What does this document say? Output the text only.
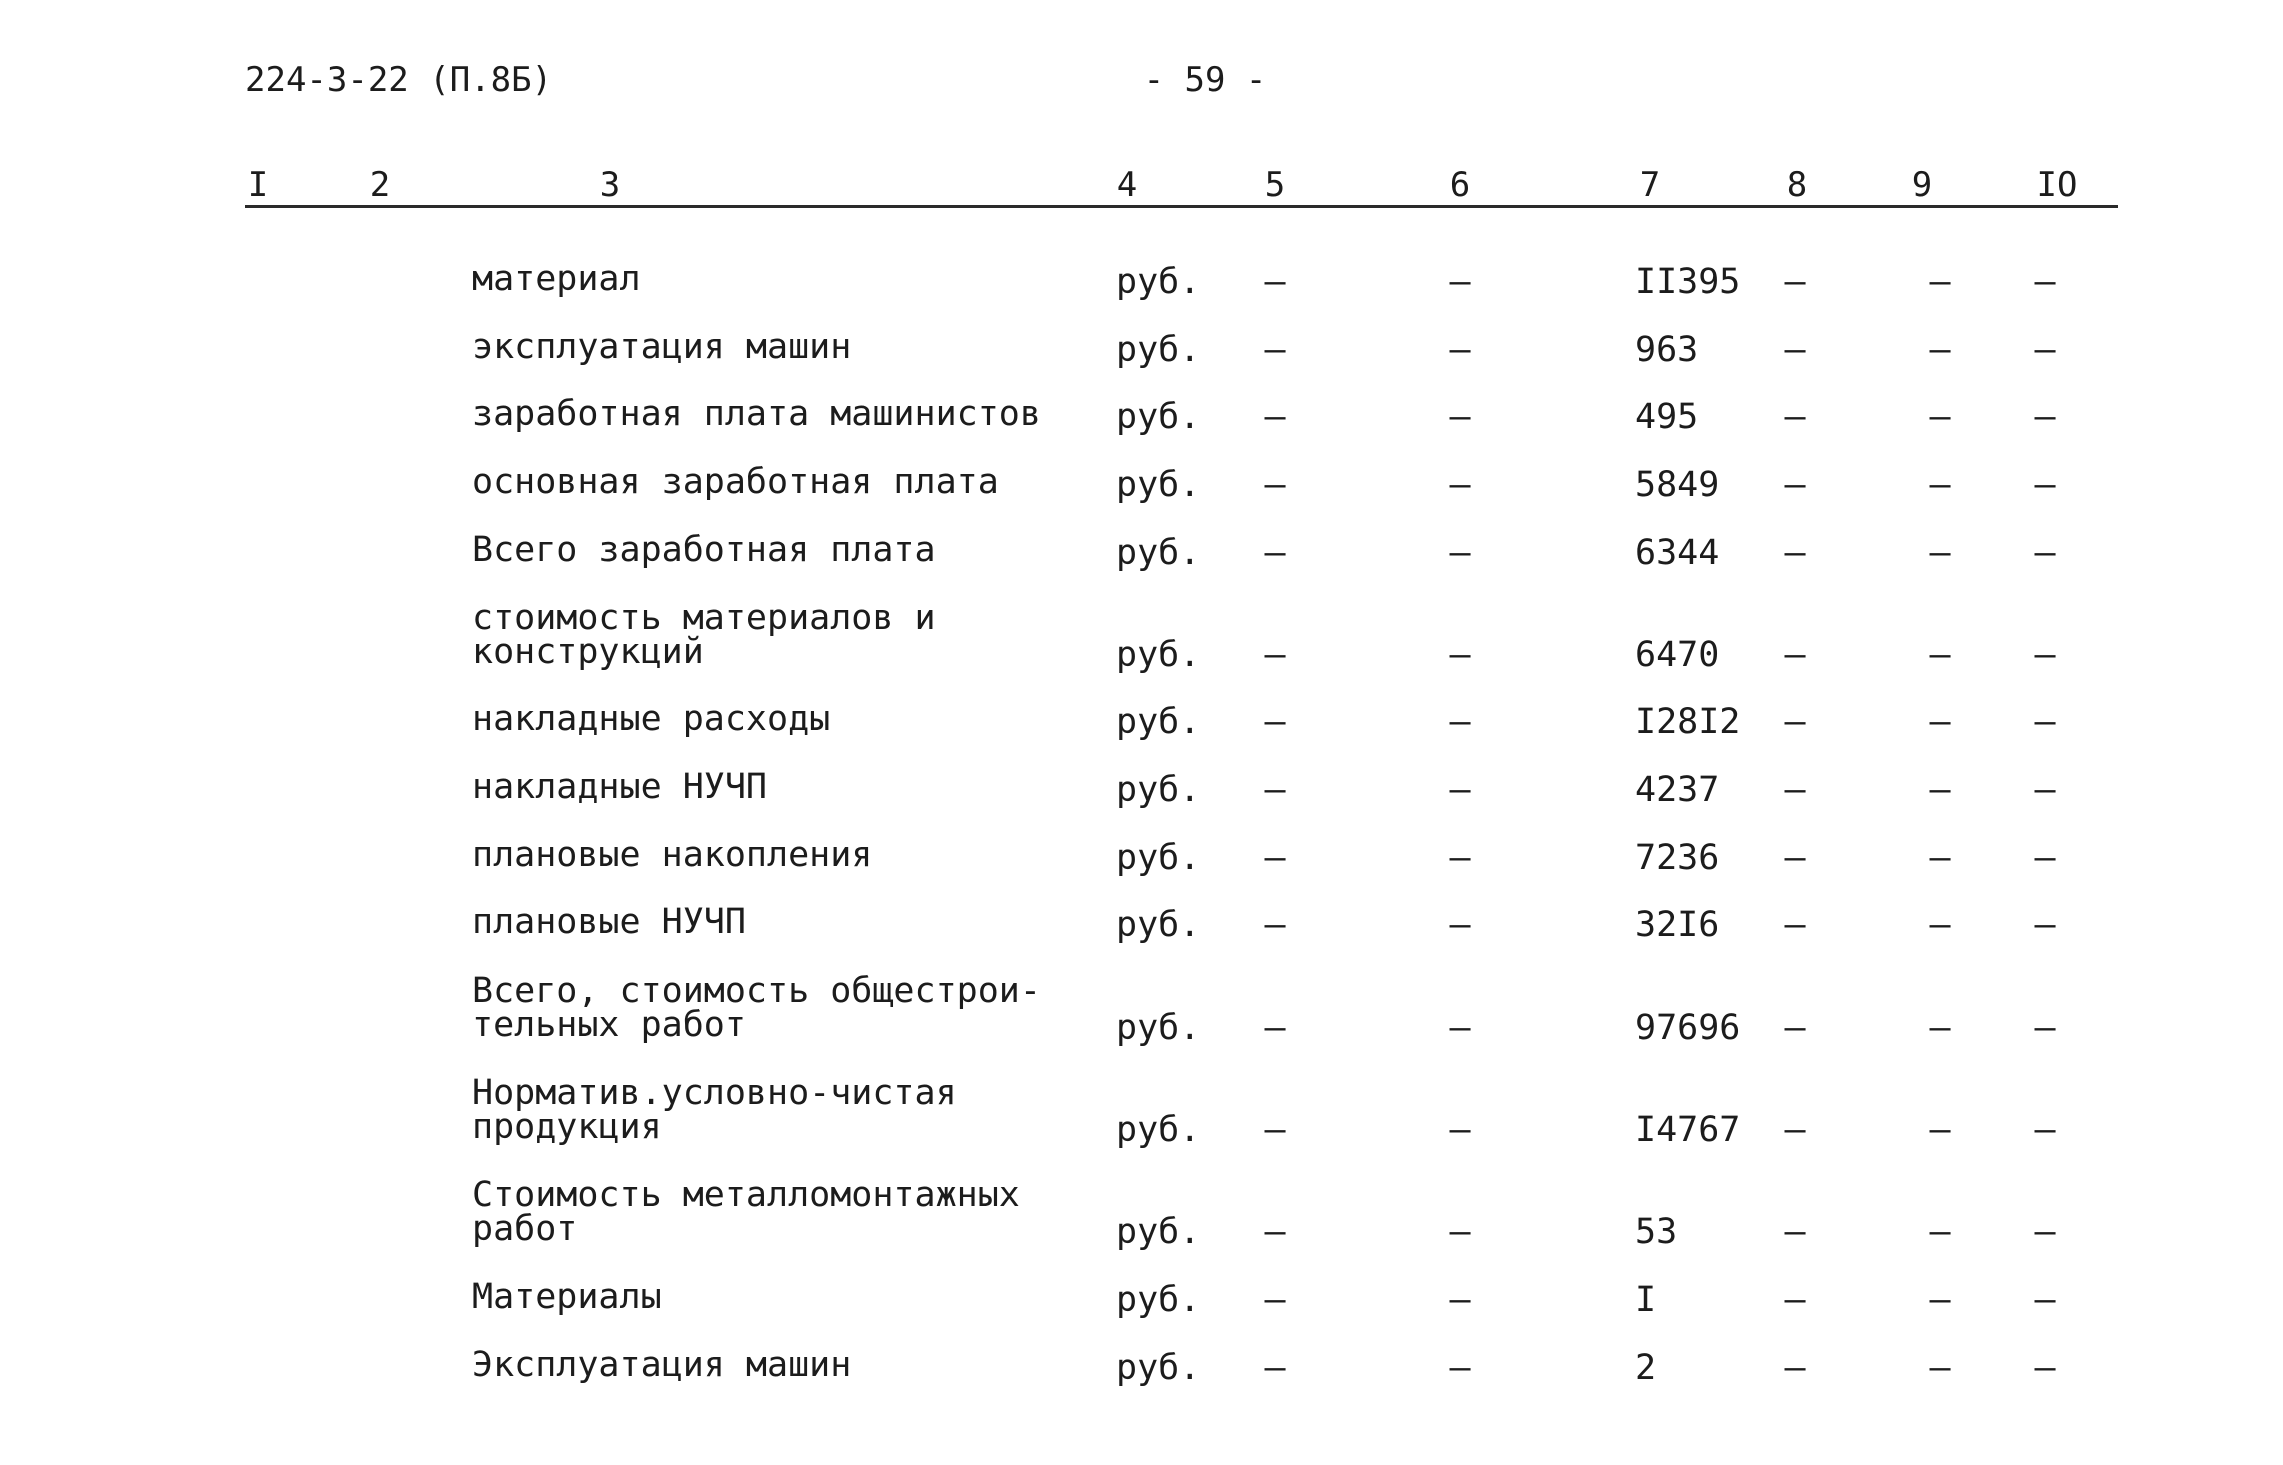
224-3-22 (П.8Б)	- 59 -
I	2	3	4	5	6	7	8	9	IO
материал	руб.	–	–	II395	–	–	–
эксплуатация машин	руб.	–	–	963	–	–	–
заработная плата машинистов руб.	–	–	495	–	–	–
основная заработная плата	руб.	–	–	5849	–	–	–
Всего заработная плата	руб.	–	–	6344	–	–	–
стоимость материалов и
конструкций	руб.	–	–	6470	–	–	–
накладные расходы	руб.	–	–	I28I2	–	–	–
накладные НУЧП	руб.	–	–	4237	–	–	–
плановые накопления	руб.	–	–	7236	–	–	–
плановые НУЧП	руб.	–	–	32I6	–	–	–
Всего, стоимость общестрои-
тельных работ	руб.	–	–	97696	–	–	–
Норматив.условно-чистая
продукция	руб.	–	–	I4767	–	–	–
Стоимость металломонтажных
работ	руб.	–	–	53	–	–	–
Материалы	руб.	–	–	I	–	–	–
Эксплуатация машин	руб.	–	–	2	–	–	–
